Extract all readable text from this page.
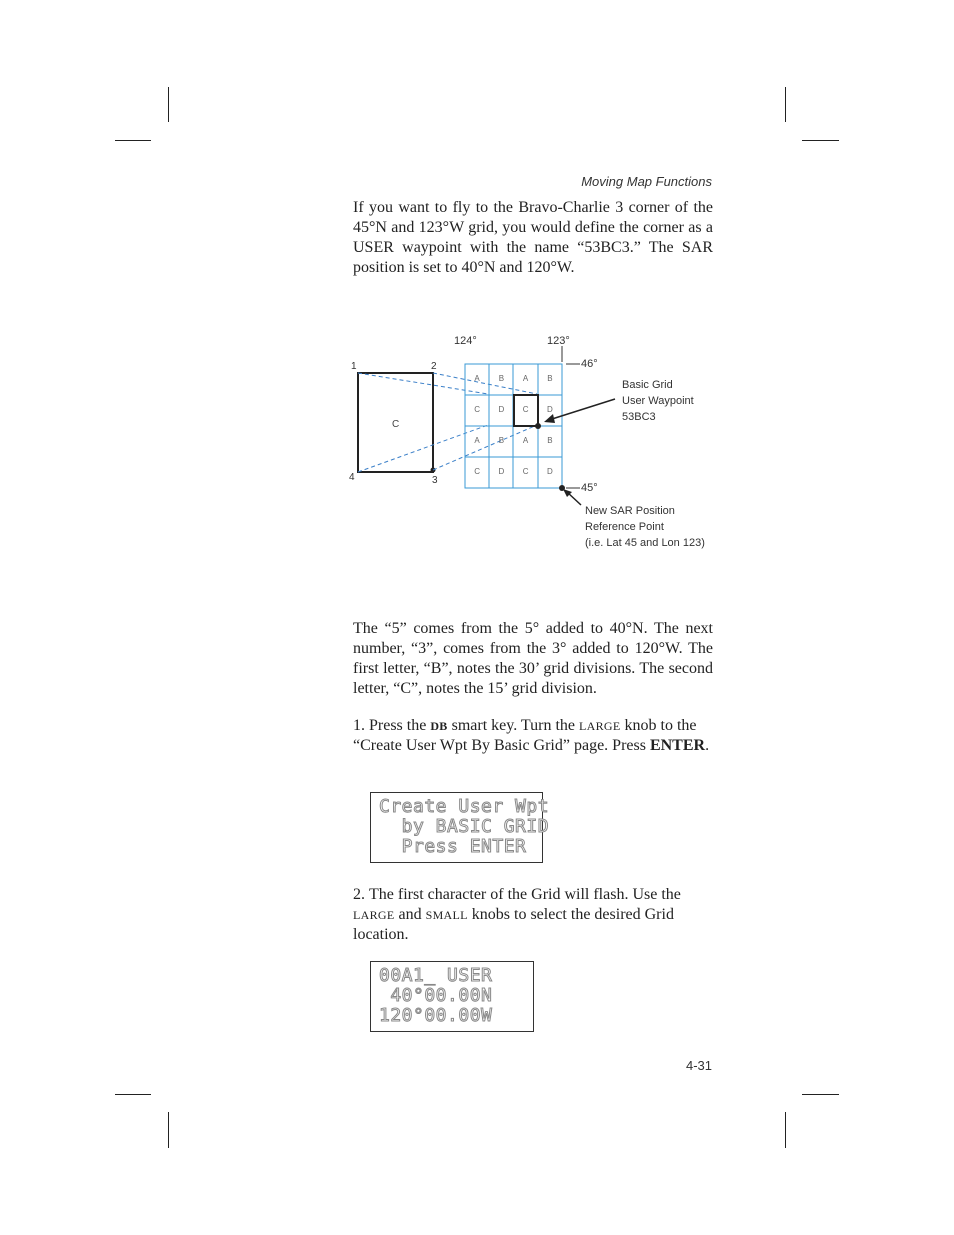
Moving Map Functions

If you want to fly to the Bravo-Charlie 3 corner of the 45°N and 123°W grid, you would define the corner as a USER waypoint with the name “53BC3.” The SAR position is set to 40°N and 120°W.

124°	123°
46°
45°
C
1	2
3
4
A B A B
C D C D
A B A B
C D C D
Basic Grid
User Waypoint
53BC3
New SAR Position
Reference Point
(i.e. Lat 45 and Lon 123)

The “5” comes from the 5° added to 40°N. The next number, “3”, comes from the 3° added to 120°W. The first letter, “B”, notes the 30’ grid divisions. The second letter, “C”, notes the 15’ grid division.

1. Press the DB smart key. Turn the LARGE knob to the “Create User Wpt By Basic Grid” page. Press ENTER.
Create User Wpt
by BASIC GRID
Press ENTER
2. The first character of the Grid will flash. Use the LARGE and SMALL knobs to select the desired Grid location.
00A1_ USER
40°00.00N
120°00.00W
4-31
